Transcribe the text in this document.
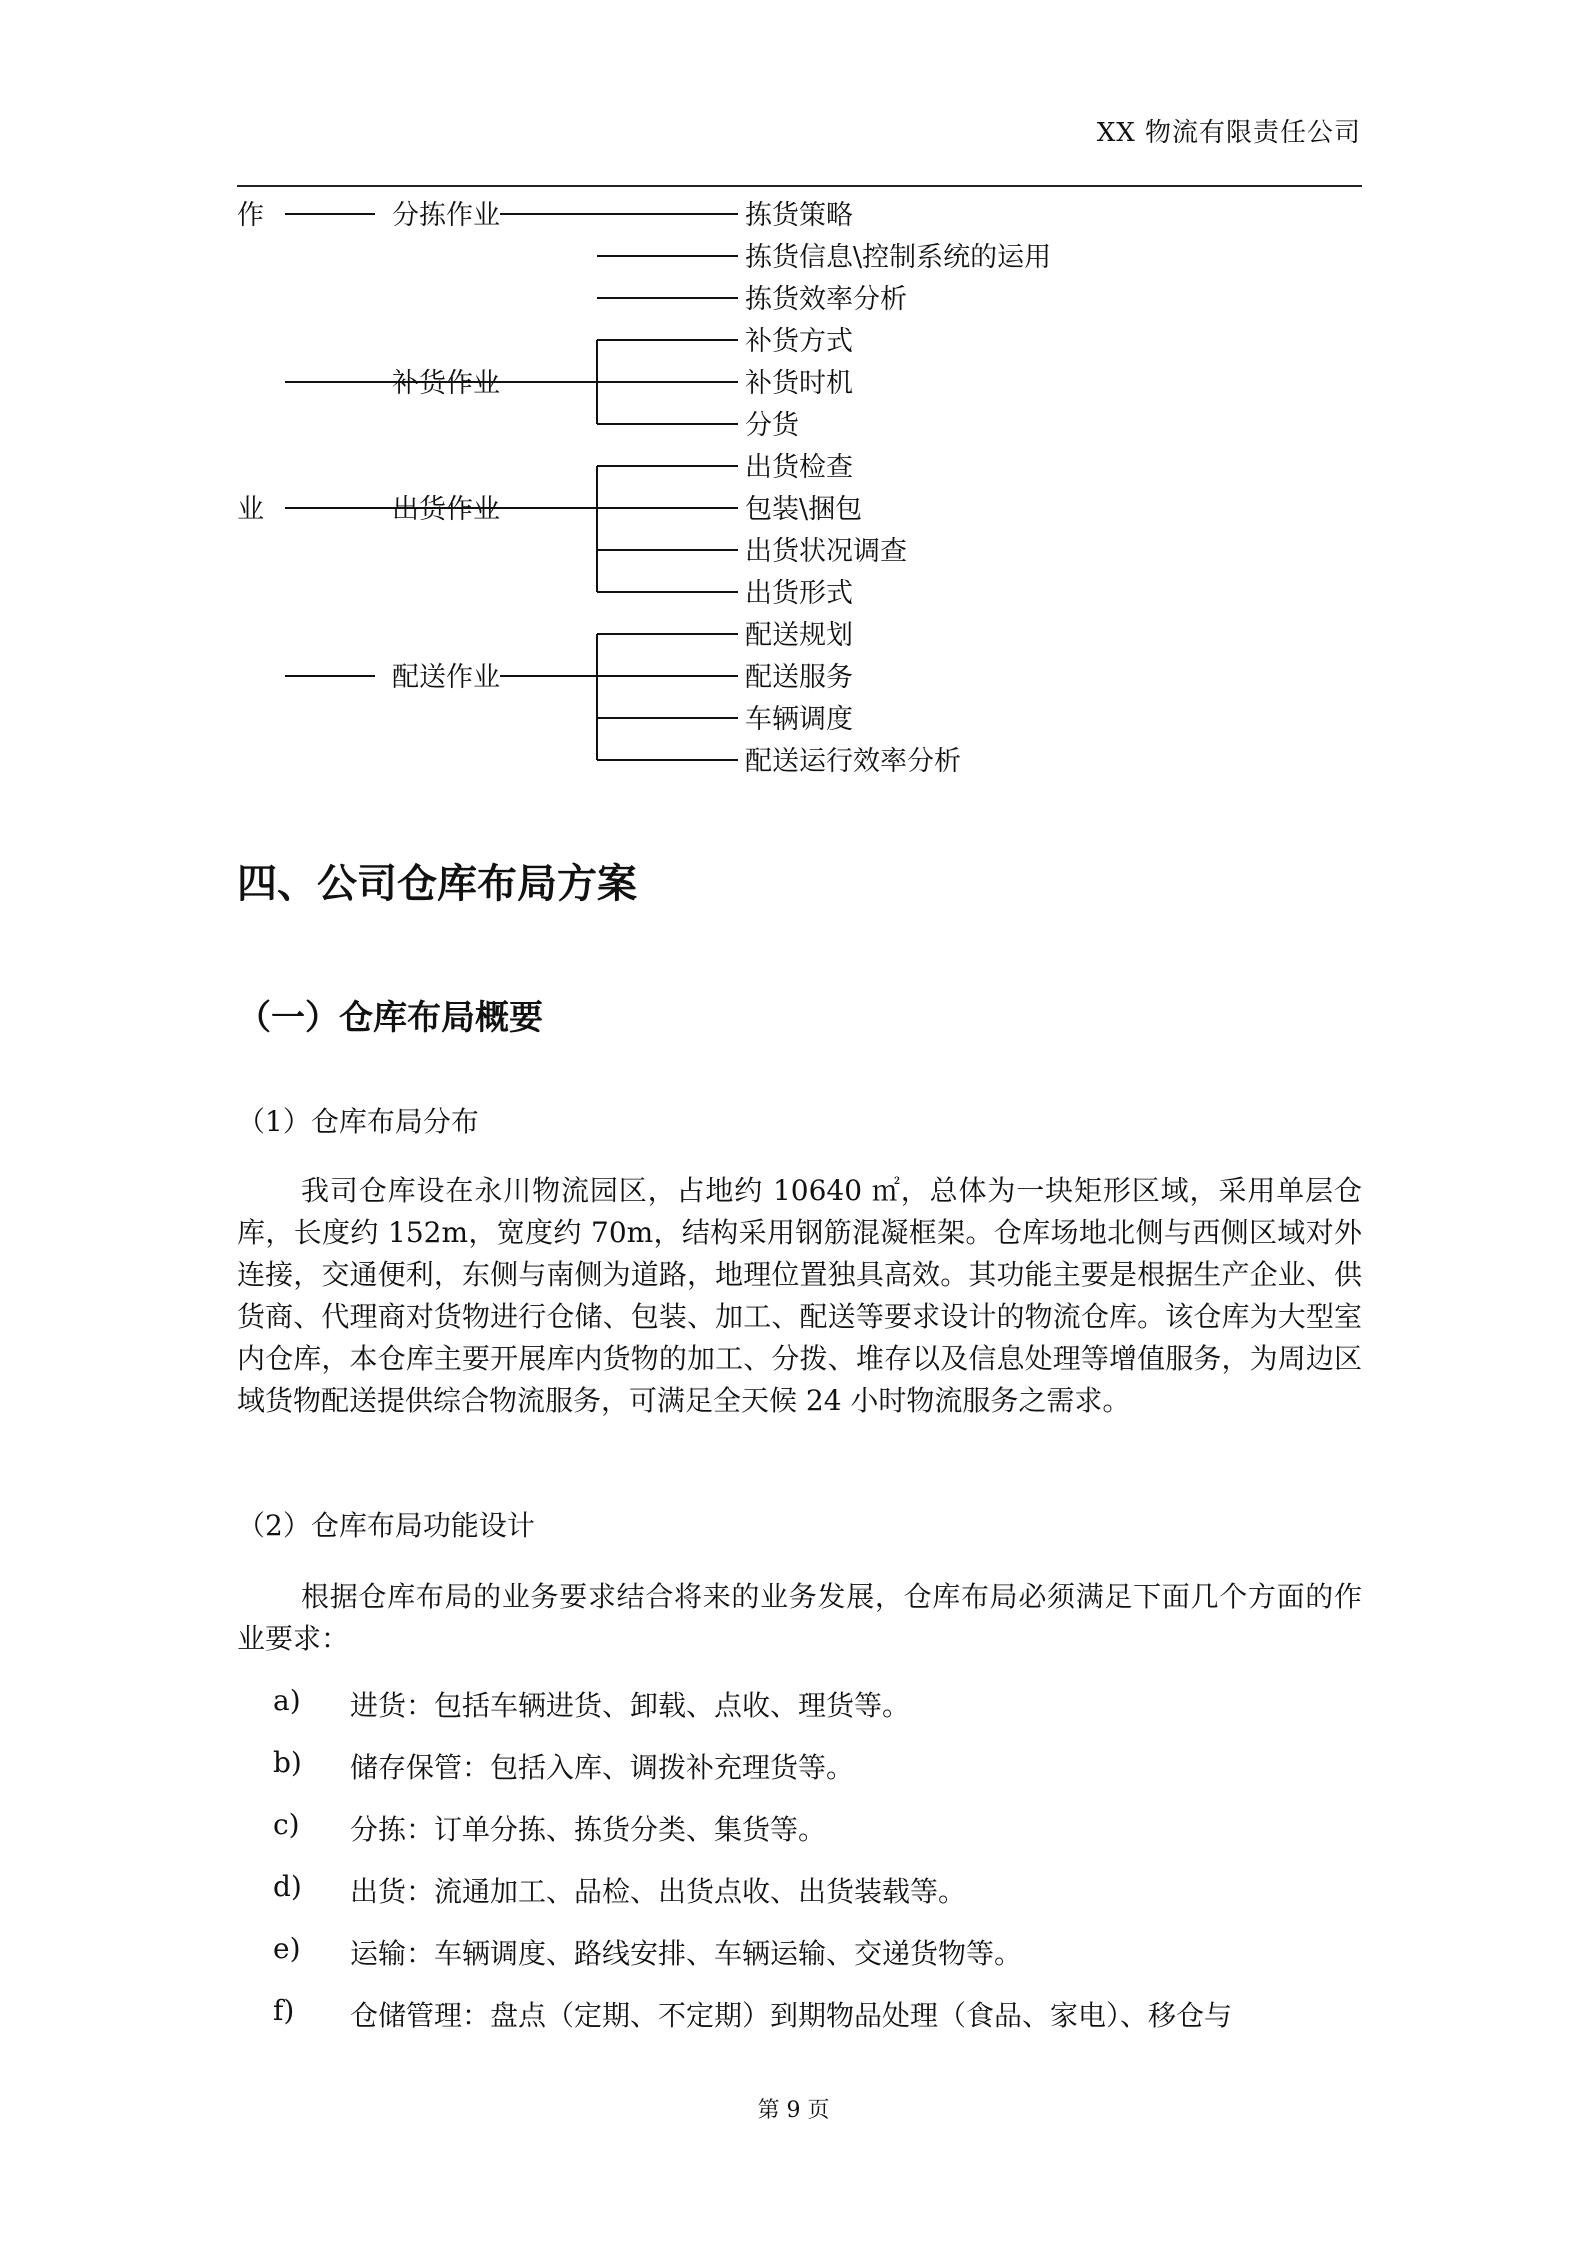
XX 物流有限责任公司
作
业
分拣作业	拣货策略
拣货信息\控制系统的运用
拣货效率分析
补货作业
补货方式
补货时机
分货
出货作业
出货检查
包装\捆包
出货状况调查
出货形式
配送作业
配送规划
配送服务
车辆调度
配送运行效率分析
四、公司仓库布局方案
（一）仓库布局概要
（1）仓库布局分布

我司仓库设在永川物流园区，占地约 10640 ㎡，总体为一块矩形区域，采用单层仓库，长度约 152m，宽度约 70m，结构采用钢筋混凝框架。仓库场地北侧与西侧区域对外连接，交通便利，东侧与南侧为道路，地理位置独具高效。其功能主要是根据生产企业、供货商、代理商对货物进行仓储、包装、加工、配送等要求设计的物流仓库。该仓库为大型室内仓库，本仓库主要开展库内货物的加工、分拨、堆存以及信息处理等增值服务，为周边区域货物配送提供综合物流服务，可满足全天候 24 小时物流服务之需求。

（2）仓库布局功能设计

根据仓库布局的业务要求结合将来的业务发展，仓库布局必须满足下面几个方面的作业要求：

a) 进货：包括车辆进货、卸载、点收、理货等。
b) 储存保管：包括入库、调拨补充理货等。
c) 分拣：订单分拣、拣货分类、集货等。
d) 出货：流通加工、品检、出货点收、出货装载等。
e) 运输：车辆调度、路线安排、车辆运输、交递货物等。
f) 仓储管理：盘点（定期、不定期）到期物品处理（食品、家电）、移仓与
第 9 页
